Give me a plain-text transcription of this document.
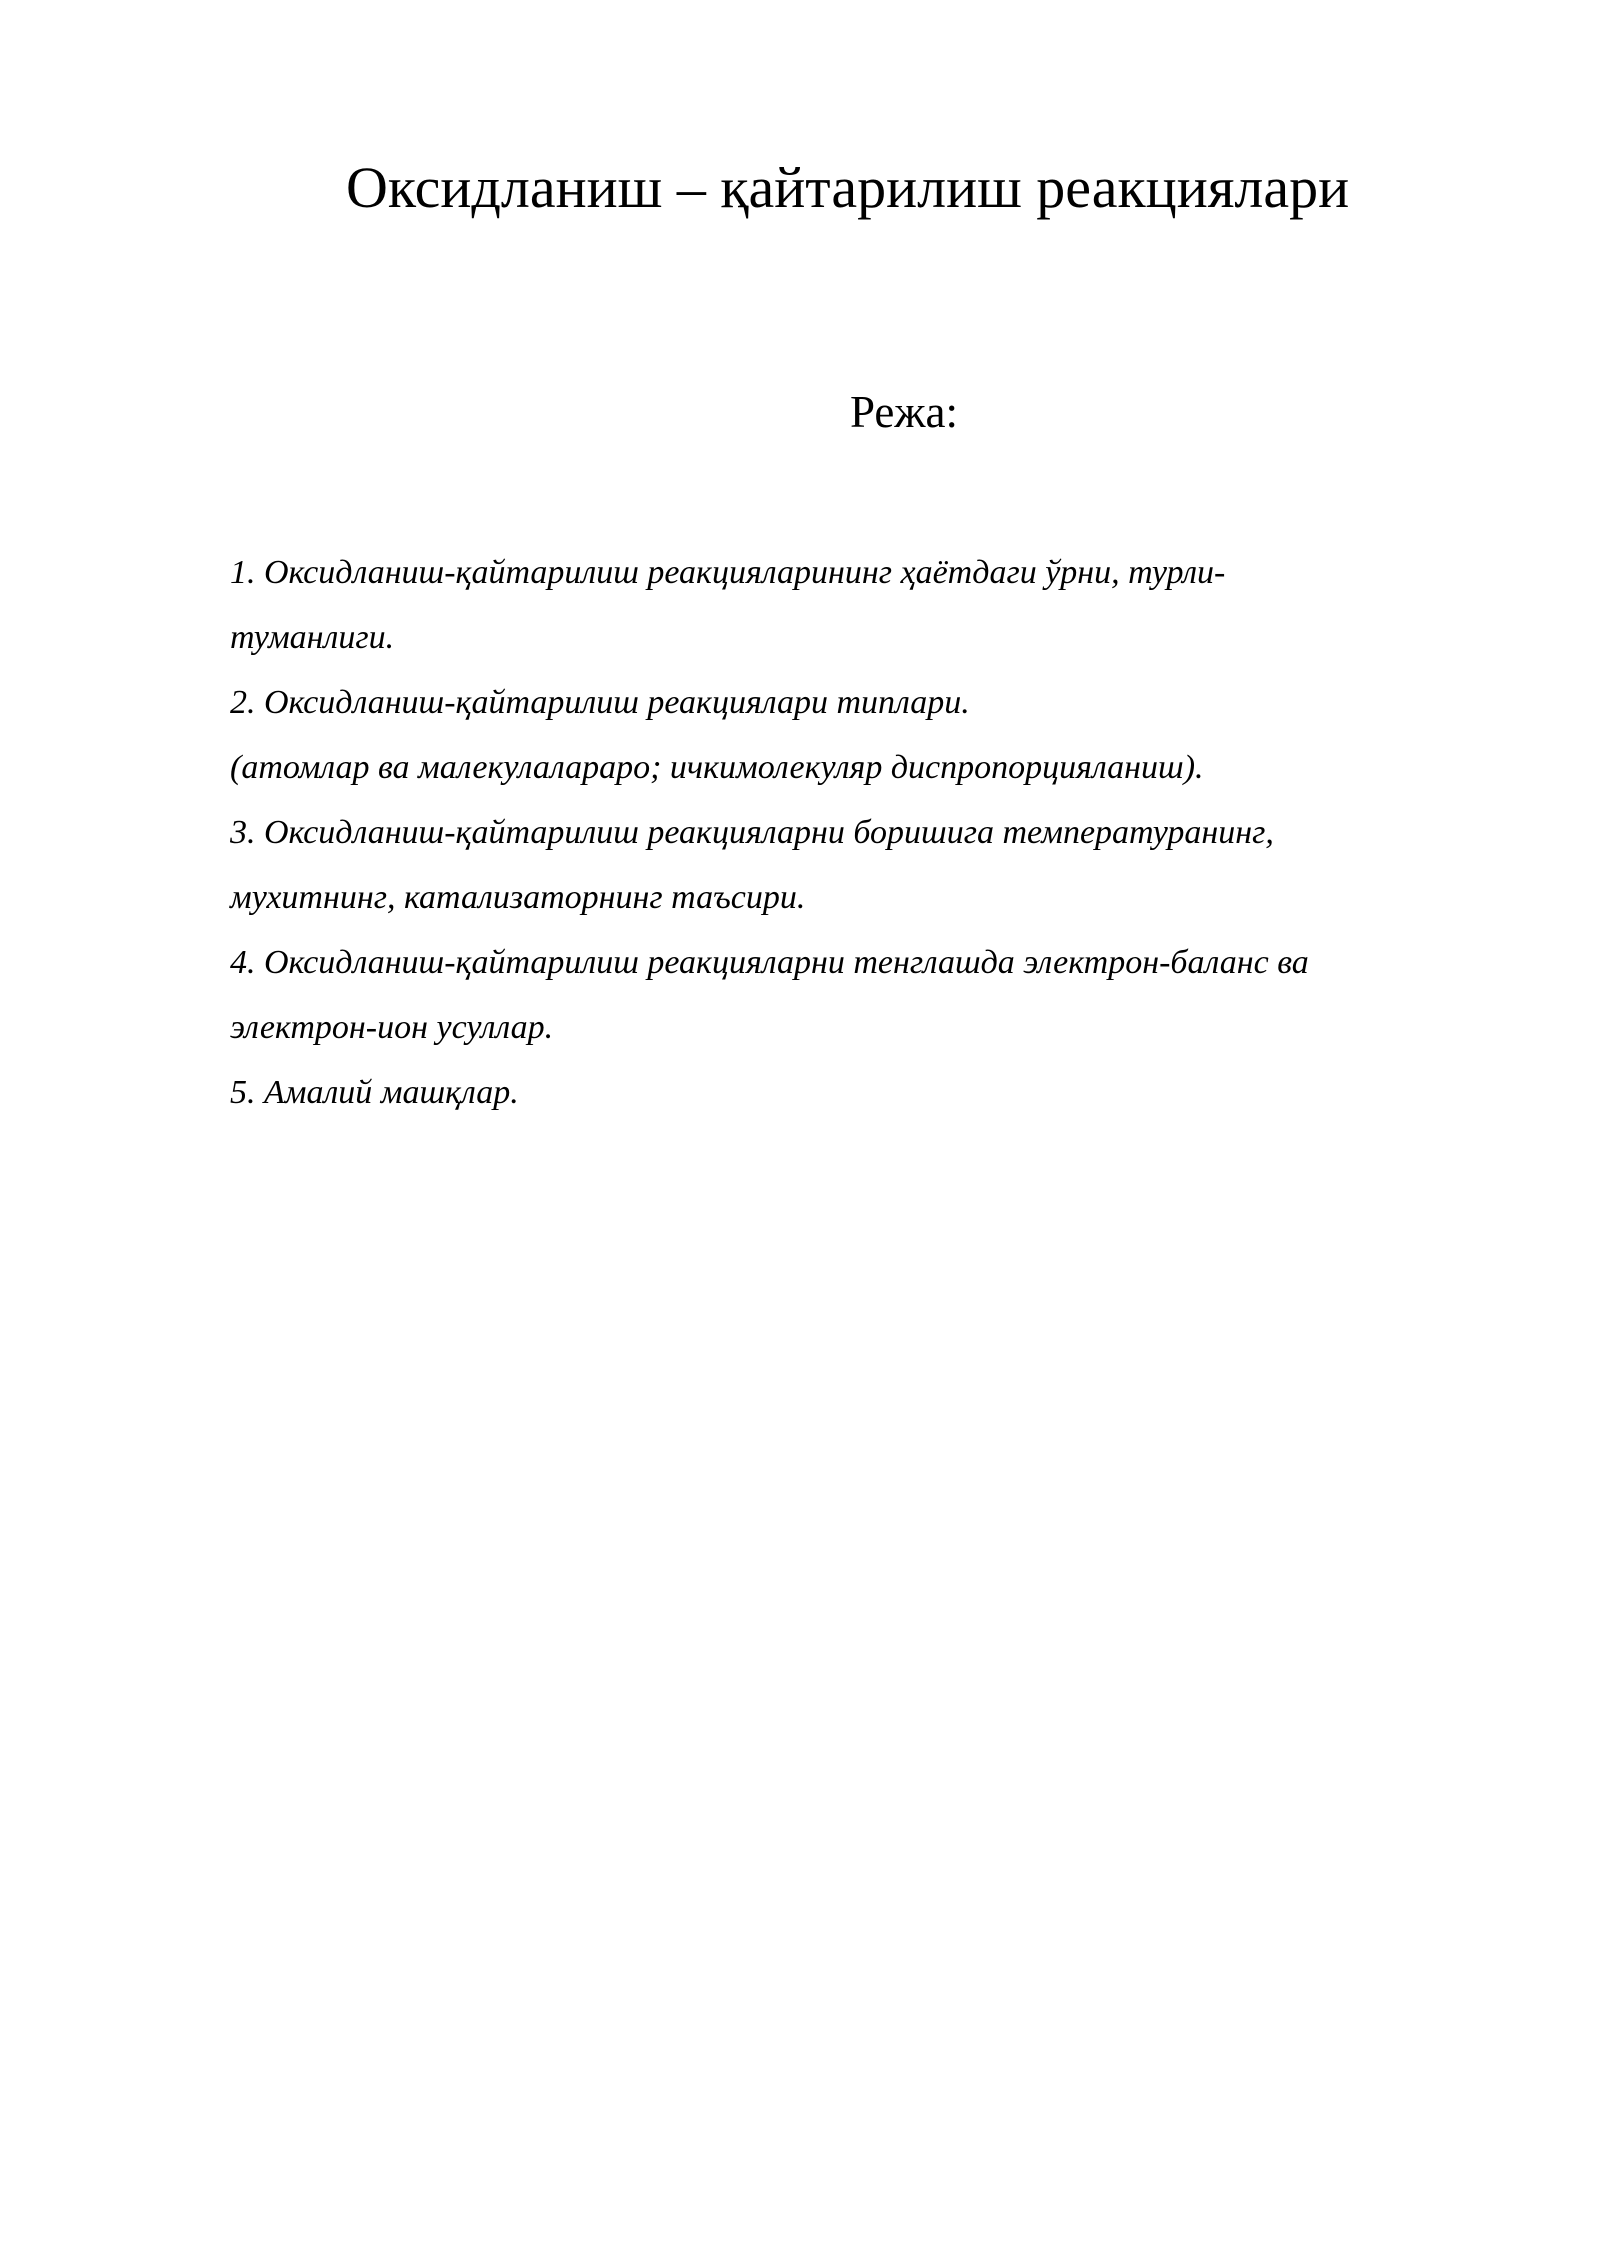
Оксидланиш – қайтарилиш реакциялари
Режа:
1. Оксидланиш-қайтарилиш реакцияларининг ҳаётдаги ўрни, турли-
туманлиги.
2. Оксидланиш-қайтарилиш реакциялари типлари.
(атомлар ва малекулалараро; ичкимолекуляр диспропорцияланиш).
3. Оксидланиш-қайтарилиш реакцияларни боришига температуранинг,
мухитнинг, катализаторнинг таъсири.
4. Оксидланиш-қайтарилиш реакцияларни тенглашда электрон-баланс ва
электрон-ион усуллар.
5. Амалий машқлар.
